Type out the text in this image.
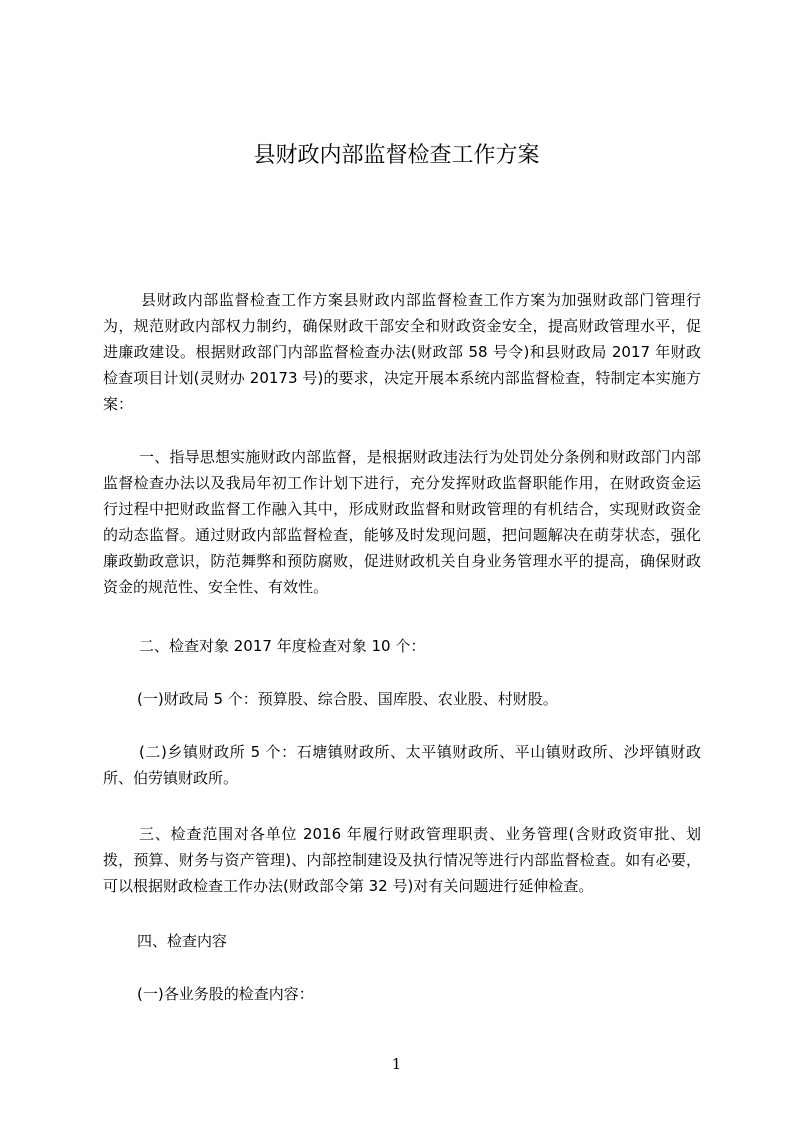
县财政内部监督检查工作方案

县财政内部监督检查工作方案县财政内部监督检查工作方案为加强财政部门管理行为，规范财政内部权力制约，确保财政干部安全和财政资金安全，提高财政管理水平，促进廉政建设。根据财政部门内部监督检查办法(财政部 58 号令)和县财政局 2017 年财政检查项目计划(灵财办 20173 号)的要求，决定开展本系统内部监督检查，特制定本实施方案：

一、指导思想实施财政内部监督，是根据财政违法行为处罚处分条例和财政部门内部监督检查办法以及我局年初工作计划下进行，充分发挥财政监督职能作用，在财政资金运行过程中把财政监督工作融入其中，形成财政监督和财政管理的有机结合，实现财政资金的动态监督。通过财政内部监督检查，能够及时发现问题，把问题解决在萌芽状态，强化廉政勤政意识，防范舞弊和预防腐败，促进财政机关自身业务管理水平的提高，确保财政资金的规范性、安全性、有效性。

二、检查对象 2017 年度检查对象 10 个：

(一)财政局 5 个：预算股、综合股、国库股、农业股、村财股。

(二)乡镇财政所 5 个：石塘镇财政所、太平镇财政所、平山镇财政所、沙坪镇财政所、伯劳镇财政所。

三、检查范围对各单位 2016 年履行财政管理职责、业务管理(含财政资审批、划拨，预算、财务与资产管理)、内部控制建设及执行情况等进行内部监督检查。如有必要，可以根据财政检查工作办法(财政部令第 32 号)对有关问题进行延伸检查。

四、检查内容

(一)各业务股的检查内容：

1
